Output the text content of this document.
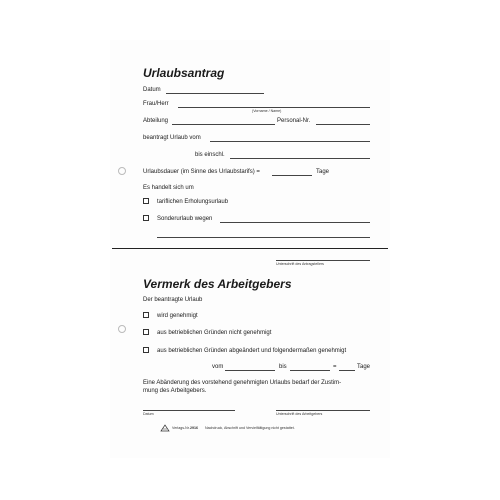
Urlaubsantrag
Datum
Frau/Herr
(Vorname / Name)
Abteilung	Personal-Nr.
beantragt Urlaub vom
bis einschl.
Urlaubsdauer (im Sinne des Urlaubstarifs) =	Tage
Es handelt sich um
tariflichen Erholungsurlaub
Sonderurlaub wegen
Unterschrift des Antragstellers
Vermerk des Arbeitgebers
Der beantragte Urlaub
wird genehmigt
aus betrieblichen Gründen nicht genehmigt
aus betrieblichen Gründen abgeändert und folgendermaßen genehmigt
vom	bis	=	Tage
Eine Abänderung des vorstehend genehmigten Urlaubs bedarf der Zustim-
mung des Arbeitgebers.
Datum	Unterschrift des Arbeitgebers
Verlags-Nr. 2916 Nachdruck, Abschrift und Vervielfältigung nicht gestattet.
